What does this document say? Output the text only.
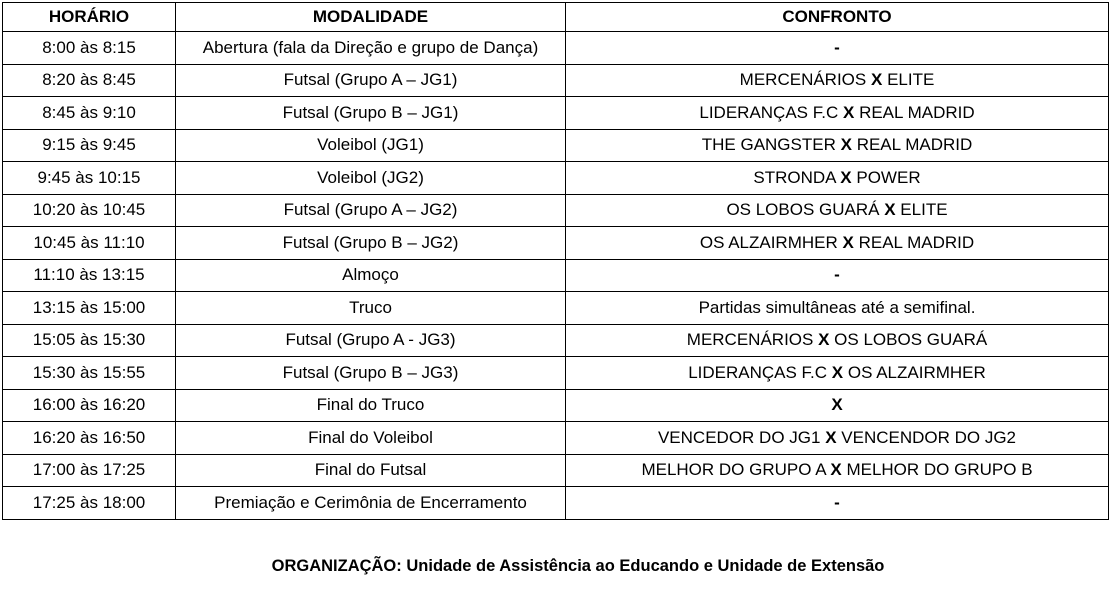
HORÁRIO	MODALIDADE	CONFRONTO
8:00 às 8:15	Abertura (fala da Direção e grupo de Dança)	-
8:20 às 8:45	Futsal (Grupo A – JG1)	MERCENÁRIOS X ELITE
8:45 às 9:10	Futsal (Grupo B – JG1)	LIDERANÇAS F.C X REAL MADRID
9:15 às 9:45	Voleibol (JG1)	THE GANGSTER X REAL MADRID
9:45 às 10:15	Voleibol (JG2)	STRONDA X POWER
10:20 às 10:45	Futsal (Grupo A – JG2)	OS LOBOS GUARÁ X ELITE
10:45 às 11:10	Futsal (Grupo B – JG2)	OS ALZAIRMHER X REAL MADRID
11:10 às 13:15	Almoço	-
13:15 às 15:00	Truco	Partidas simultâneas até a semifinal.
15:05 às 15:30	Futsal (Grupo A - JG3)	MERCENÁRIOS X OS LOBOS GUARÁ
15:30 às 15:55	Futsal (Grupo B – JG3)	LIDERANÇAS F.C X OS ALZAIRMHER
16:00 às 16:20	Final do Truco	X
16:20 às 16:50	Final do Voleibol	VENCEDOR DO JG1 X VENCENDOR DO JG2
17:00 às 17:25	Final do Futsal	MELHOR DO GRUPO A X MELHOR DO GRUPO B
17:25 às 18:00	Premiação e Cerimônia de Encerramento	-
ORGANIZAÇÃO: Unidade de Assistência ao Educando e Unidade de Extensão
